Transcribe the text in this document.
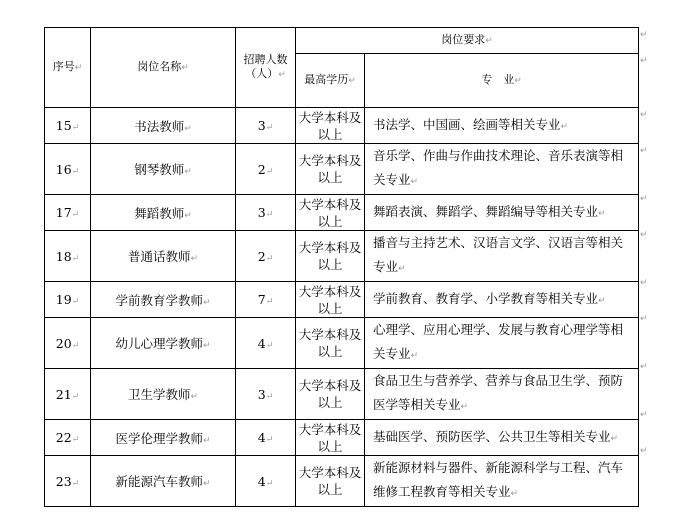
序号↵	岗位名称↵	招聘人数（人）↵	岗位要求↵	
			最高学历↵	专　业↵
15↵	书法教师↵	3↵	大学本科及以上	书法学、中国画、绘画等相关专业↵
16↵	钢琴教师↵	2↵	大学本科及以上	音乐学、作曲与作曲技术理论、音乐表演等相关专业↵
17↵	舞蹈教师↵	3↵	大学本科及以上	舞蹈表演、舞蹈学、舞蹈编导等相关专业↵
18↵	普通话教师↵	2↵	大学本科及以上	播音与主持艺术、汉语言文学、汉语言等相关专业↵
19↵	学前教育学教师↵	7↵	大学本科及以上	学前教育、教育学、小学教育等相关专业↵
20↵	幼儿心理学教师↵	4↵	大学本科及以上	心理学、应用心理学、发展与教育心理学等相关专业↵
21↵	卫生学教师↵	3↵	大学本科及以上	食品卫生与营养学、营养与食品卫生学、预防医学等相关专业↵
22↵	医学伦理学教师↵	4↵	大学本科及以上	基础医学、预防医学、公共卫生等相关专业↵
23↵	新能源汽车教师↵	4↵	大学本科及以上	新能源材料与器件、新能源科学与工程、汽车维修工程教育等相关专业↵
↵
↵
↵
↵
↵
↵
↵
↵
↵
↵
↵
